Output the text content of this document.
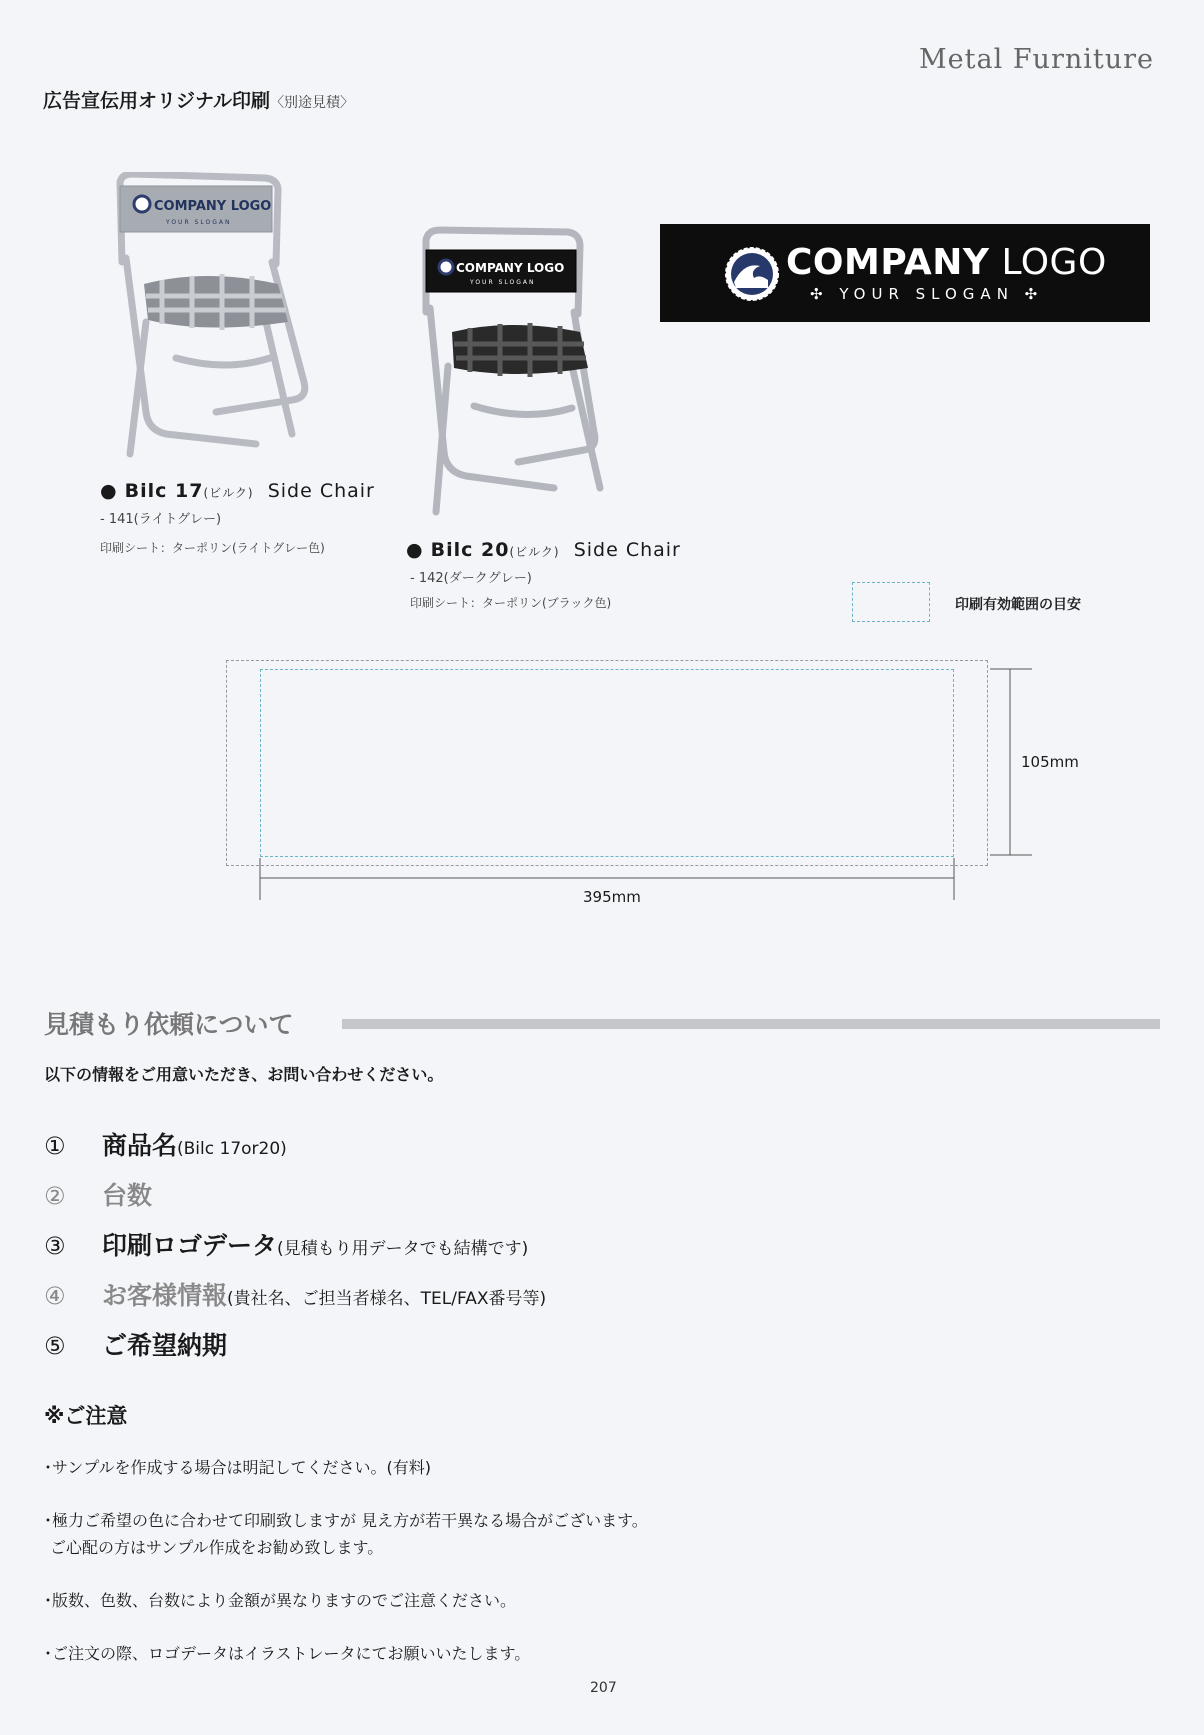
Metal Furniture
広告宣伝用オリジナル印刷〈別途見積〉
COMPANY LOGO
YOUR SLOGAN
COMPANY LOGO
YOUR SLOGAN	COMPANY LOGO
✣ YOUR SLOGAN ✣
● Bilc 17(ビルク) Side Chair
- 141(ライトグレー)
印刷シート：ターポリン(ライトグレー色)	● Bilc 20(ビルク) Side Chair
- 142(ダークグレー)
印刷シート：ターポリン(ブラック色)	印刷有効範囲の目安
105mm
395mm
見積もり依頼について
以下の情報をご用意いただき、お問い合わせください。
① 商品名(Bilc 17or20)
② 台数
③ 印刷ロゴデータ(見積もり用データでも結構です)
④ お客様情報(貴社名、ご担当者様名、TEL/FAX番号等)
⑤ ご希望納期
※ご注意
･サンプルを作成する場合は明記してください。(有料)
･極力ご希望の色に合わせて印刷致しますが 見え方が若干異なる場合がございます。
ご心配の方はサンプル作成をお勧め致します。
･版数、色数、台数により金額が異なりますのでご注意ください。
･ご注文の際、ロゴデータはイラストレータにてお願いいたします。
207
